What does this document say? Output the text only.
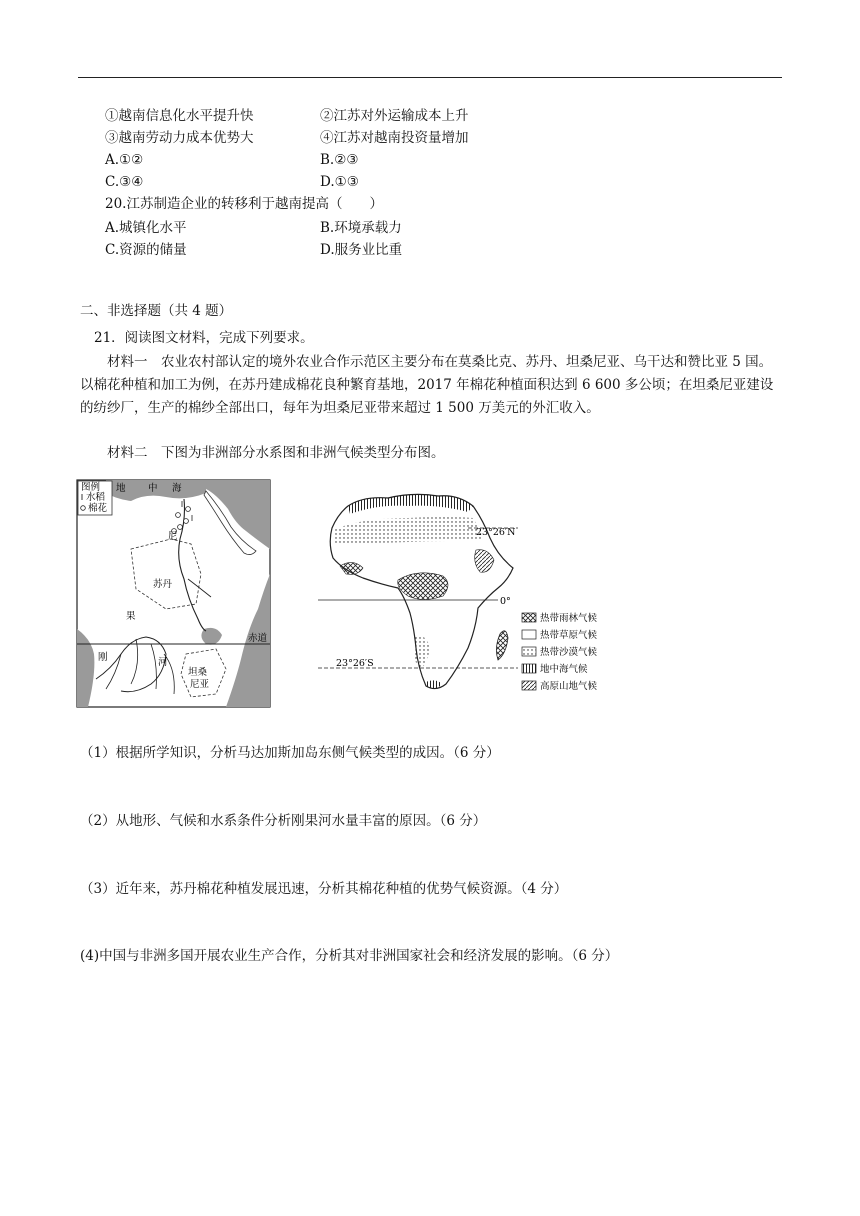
①越南信息化水平提升快	②江苏对外运输成本上升
③越南劳动力成本优势大	④江苏对越南投资量增加
A.①②	B.②③
C.③④	D.①③
20.江苏制造企业的转移利于越南提高（　　）
A.城镇化水平	B.环境承载力
C.资源的储量	D.服务业比重
二、非选择题（共 4 题）
21．阅读图文材料，完成下列要求。
材料一　农业农村部认定的境外农业合作示范区主要分布在莫桑比克、苏丹、坦桑尼亚、乌干达和赞比亚 5 国。以棉花种植和加工为例，在苏丹建成棉花良种繁育基地，2017 年棉花种植面积达到 6 600 多公顷；在坦桑尼亚建设的纺纱厂，生产的棉纱全部出口，每年为坦桑尼亚带来超过 1 500 万美元的外汇收入。
材料二　下图为非洲部分水系图和非洲气候类型分布图。
图例
水稻
棉花
地 中 海
尼
苏丹
赤道
刚
果
河
坦桑
尼亚
23°26′N
0°
23°26′S
热带雨林气候
热带草原气候
热带沙漠气候
地中海气候
高原山地气候
（1）根据所学知识，分析马达加斯加岛东侧气候类型的成因。（6 分）
（2）从地形、气候和水系条件分析刚果河水量丰富的原因。（6 分）
（3）近年来，苏丹棉花种植发展迅速，分析其棉花种植的优势气候资源。（4 分）
(4)中国与非洲多国开展农业生产合作，分析其对非洲国家社会和经济发展的影响。（6 分）
